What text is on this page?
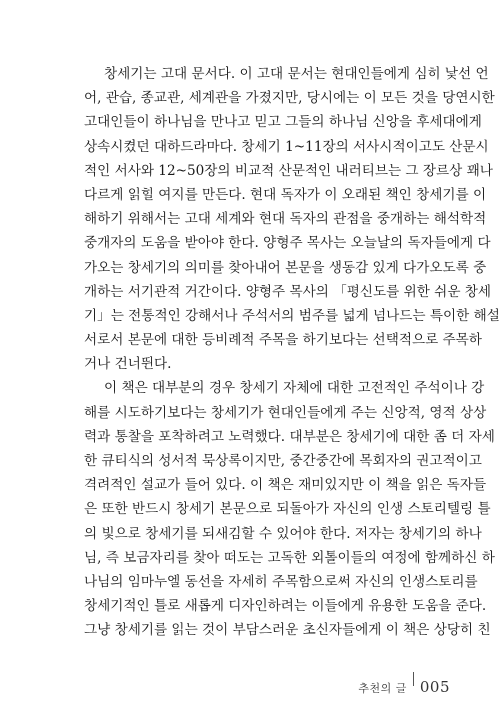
창세기는 고대 문서다. 이 고대 문서는 현대인들에게 심히 낯선 언
어, 관습, 종교관, 세계관을 가졌지만, 당시에는 이 모든 것을 당연시한
고대인들이 하나님을 만나고 믿고 그들의 하나님 신앙을 후세대에게
상속시켰던 대하드라마다. 창세기 1~11장의 서사시적이고도 산문시
적인 서사와 12~50장의 비교적 산문적인 내러티브는 그 장르상 꽤나
다르게 읽힐 여지를 만든다. 현대 독자가 이 오래된 책인 창세기를 이
해하기 위해서는 고대 세계와 현대 독자의 관점을 중개하는 해석학적
중개자의 도움을 받아야 한다. 양형주 목사는 오늘날의 독자들에게 다
가오는 창세기의 의미를 찾아내어 본문을 생동감 있게 다가오도록 중
개하는 서기관적 거간이다. 양형주 목사의 「평신도를 위한 쉬운 창세
기」는 전통적인 강해서나 주석서의 범주를 넓게 넘나드는 특이한 해설
서로서 본문에 대한 등비례적 주목을 하기보다는 선택적으로 주목하
거나 건너뛴다.
이 책은 대부분의 경우 창세기 자체에 대한 고전적인 주석이나 강
해를 시도하기보다는 창세기가 현대인들에게 주는 신앙적, 영적 상상
력과 통찰을 포착하려고 노력했다. 대부분은 창세기에 대한 좀 더 자세
한 큐티식의 성서적 묵상록이지만, 중간중간에 목회자의 권고적이고
격려적인 설교가 들어 있다. 이 책은 재미있지만 이 책을 읽은 독자들
은 또한 반드시 창세기 본문으로 되돌아가 자신의 인생 스토리텔링 틀
의 빛으로 창세기를 되새김할 수 있어야 한다. 저자는 창세기의 하나
님, 즉 보금자리를 찾아 떠도는 고독한 외톨이들의 여정에 함께하신 하
나님의 임마누엘 동선을 자세히 주목함으로써 자신의 인생스토리를
창세기적인 틀로 새롭게 디자인하려는 이들에게 유용한 도움을 준다.
그냥 창세기를 읽는 것이 부담스러운 초신자들에게 이 책은 상당히 친
추천의 글 005
